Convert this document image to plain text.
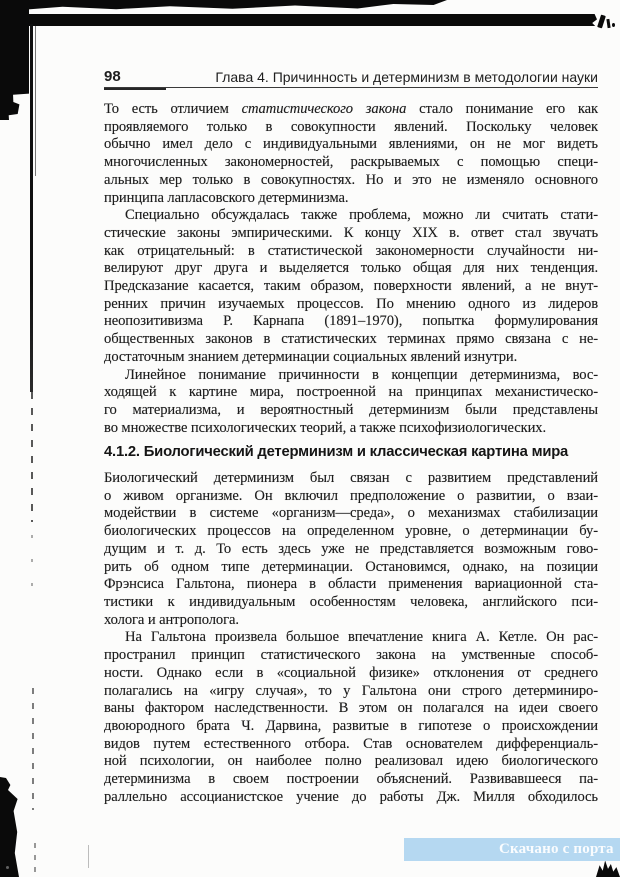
98	Глава 4. Причинность и детерминизм в методологии науки
То есть отличием статистического закона стало понимание его как
проявляемого только в совокупности явлений. Поскольку человек
обычно имел дело с индивидуальными явлениями, он не мог видеть
многочисленных закономерностей, раскрываемых с помощью специ-
альных мер только в совокупностях. Но и это не изменяло основного
принципа лапласовского детерминизма.
Специально обсуждалась также проблема, можно ли считать стати-
стические законы эмпирическими. К концу XIX в. ответ стал звучать
как отрицательный: в статистической закономерности случайности ни-
велируют друг друга и выделяется только общая для них тенденция.
Предсказание касается, таким образом, поверхности явлений, а не внут-
ренних причин изучаемых процессов. По мнению одного из лидеров
неопозитивизма Р. Карнапа (1891–1970), попытка формулирования
общественных законов в статистических терминах прямо связана с не-
достаточным знанием детерминации социальных явлений изнутри.
Линейное понимание причинности в концепции детерминизма, вос-
ходящей к картине мира, построенной на принципах механистическо-
го материализма, и вероятностный детерминизм были представлены
во множестве психологических теорий, а также психофизиологических.
4.1.2. Биологический детерминизм и классическая картина мира
Биологический детерминизм был связан с развитием представлений
о живом организме. Он включил предположение о развитии, о взаи-
модействии в системе «организм—среда», о механизмах стабилизации
биологических процессов на определенном уровне, о детерминации бу-
дущим и т. д. То есть здесь уже не представляется возможным гово-
рить об одном типе детерминации. Остановимся, однако, на позиции
Фрэнсиса Гальтона, пионера в области применения вариационной ста-
тистики к индивидуальным особенностям человека, английского пси-
холога и антрополога.
На Гальтона произвела большое впечатление книга А. Кетле. Он рас-
пространил принцип статистического закона на умственные способ-
ности. Однако если в «социальной физике» отклонения от среднего
полагались на «игру случая», то у Гальтона они строго детерминиро-
ваны фактором наследственности. В этом он полагался на идеи своего
двоюродного брата Ч. Дарвина, развитые в гипотезе о происхождении
видов путем естественного отбора. Став основателем дифференциаль-
ной психологии, он наиболее полно реализовал идею биологического
детерминизма в своем построении объяснений. Развивавшееся па-
раллельно ассоцианистское учение до работы Дж. Милля обходилось
Скачано с порта
